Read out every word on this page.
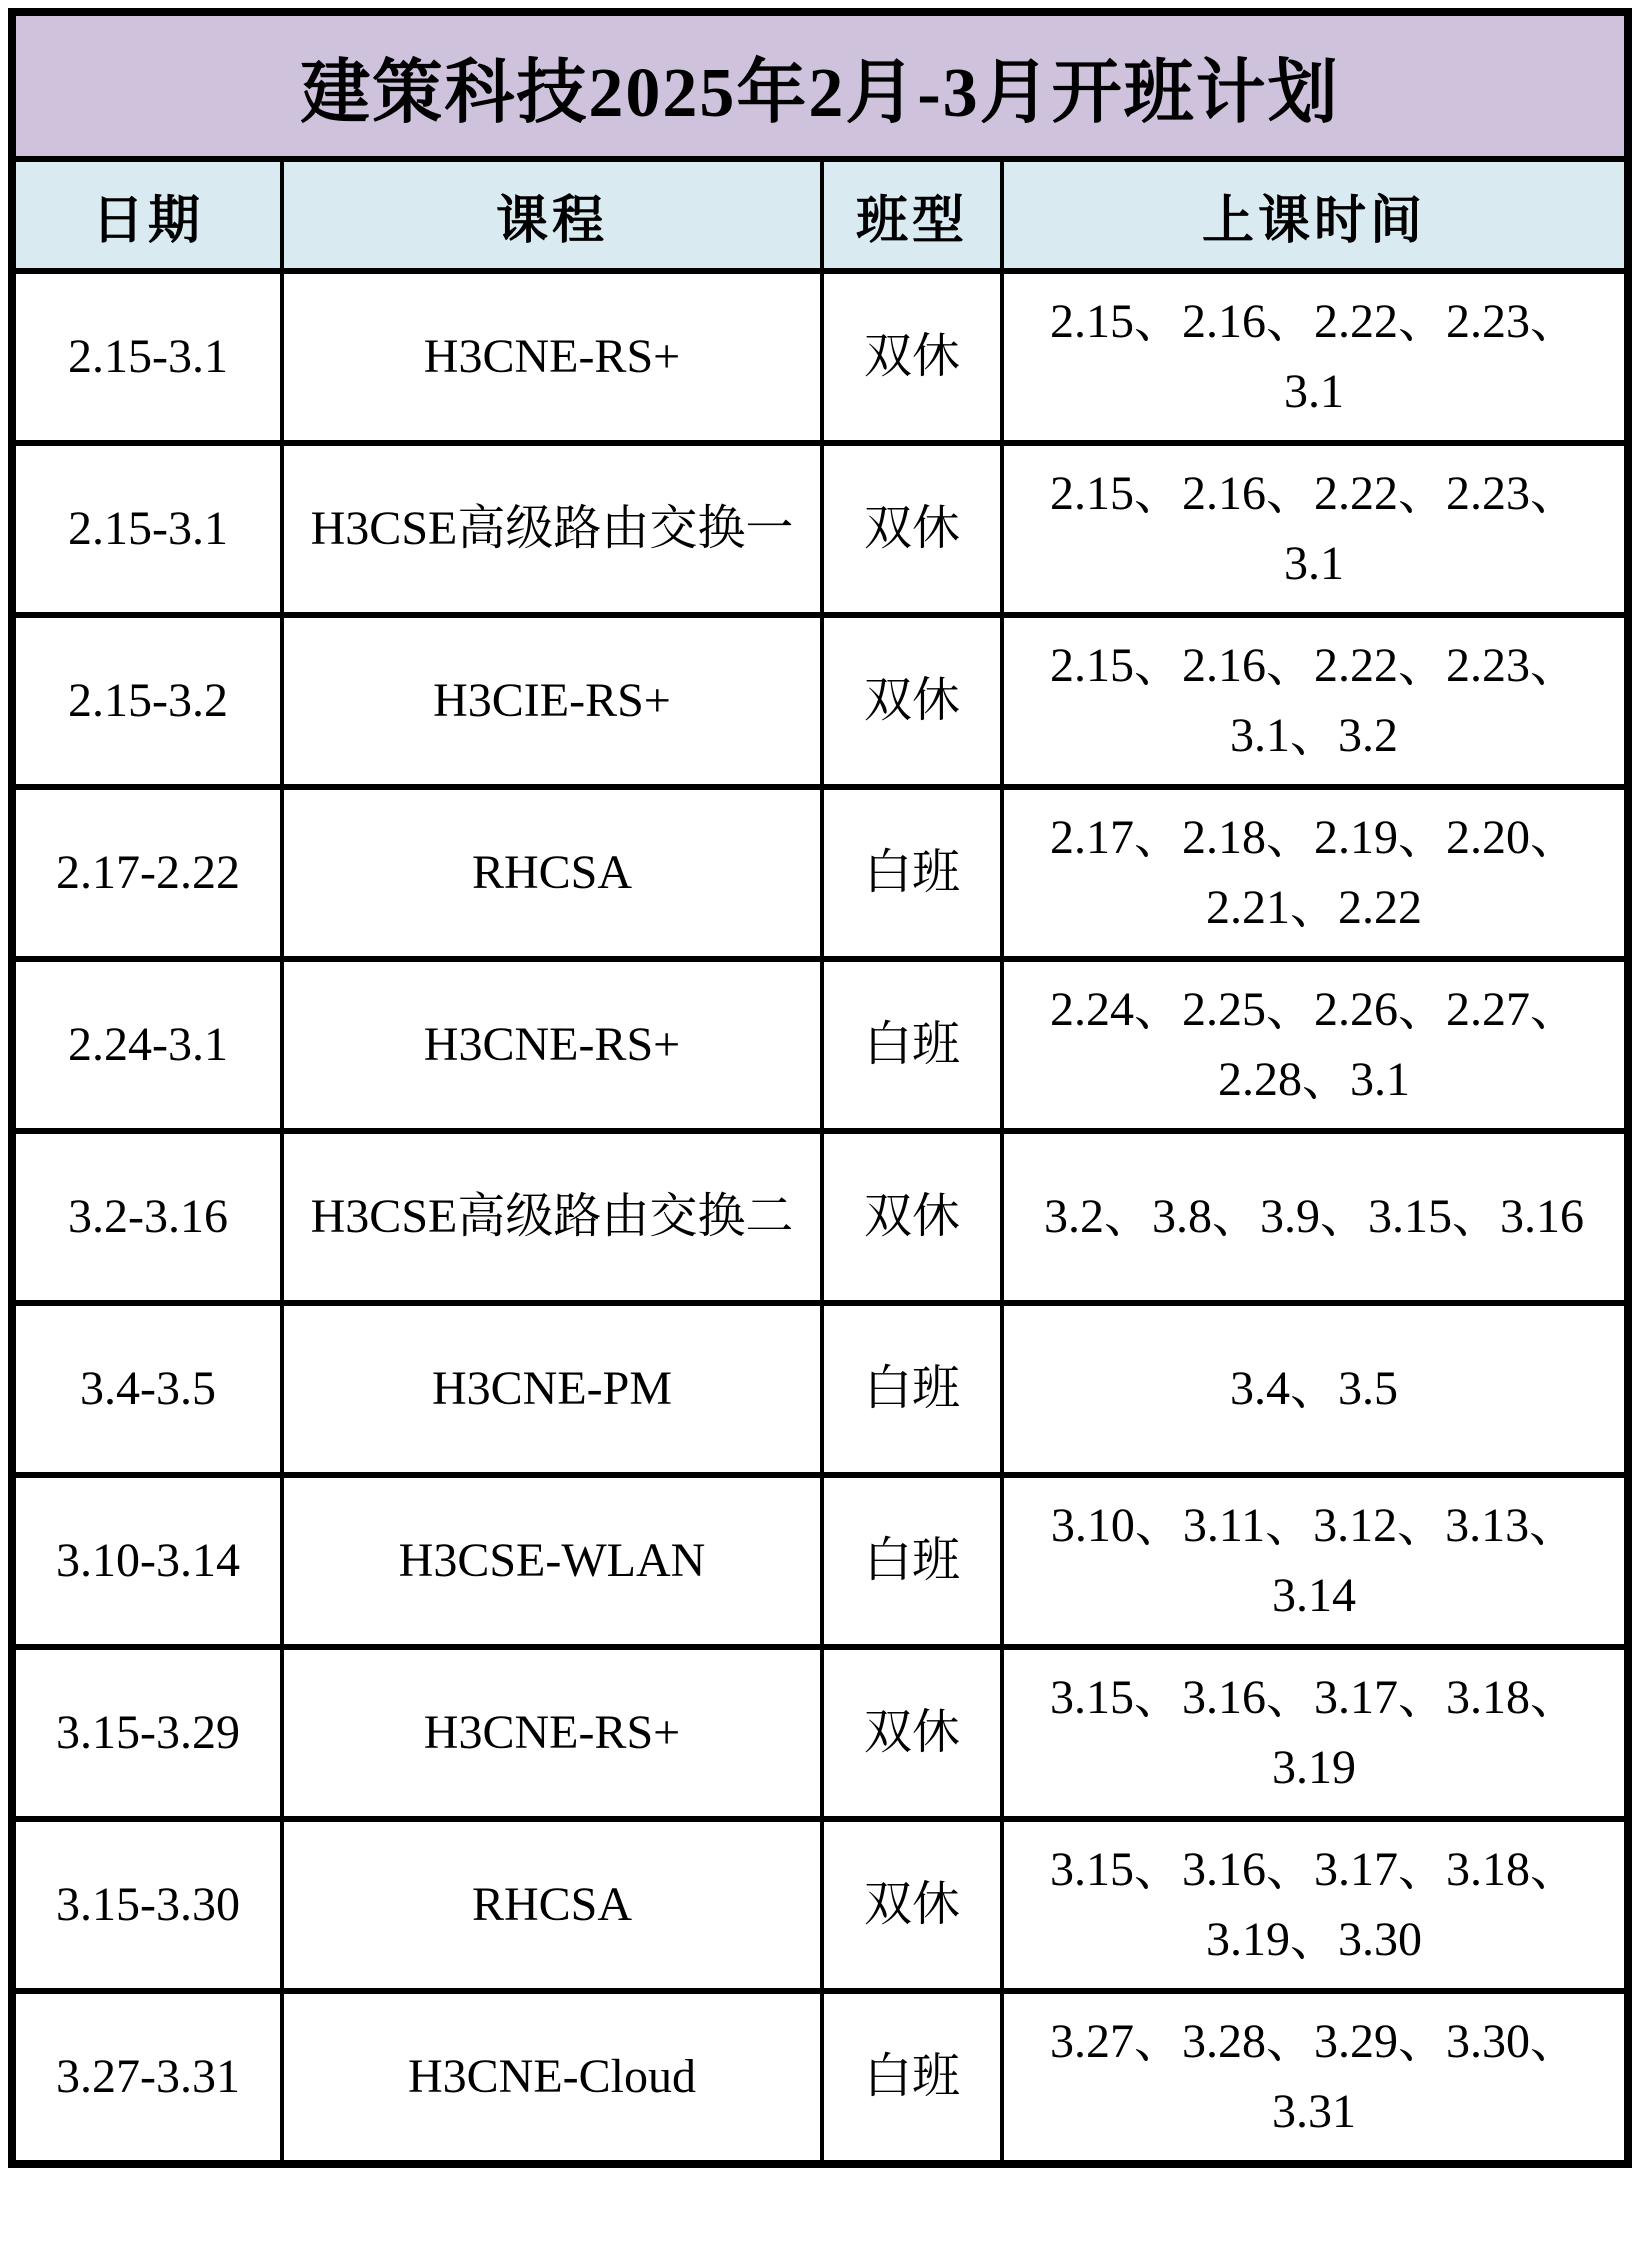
建策科技2025年2月-3月开班计划			
日期	课程	班型	上课时间
2.15-3.1	H3CNE-RS+	双休	2.15、2.16、2.22、2.23、3.1
2.15-3.1	H3CSE高级路由交换一	双休	2.15、2.16、2.22、2.23、3.1
2.15-3.2	H3CIE-RS+	双休	2.15、2.16、2.22、2.23、3.1、3.2
2.17-2.22	RHCSA	白班	2.17、2.18、2.19、2.20、2.21、2.22
2.24-3.1	H3CNE-RS+	白班	2.24、2.25、2.26、2.27、2.28、3.1
3.2-3.16	H3CSE高级路由交换二	双休	3.2、3.8、3.9、3.15、3.16
3.4-3.5	H3CNE-PM	白班	3.4、3.5
3.10-3.14	H3CSE-WLAN	白班	3.10、3.11、3.12、3.13、3.14
3.15-3.29	H3CNE-RS+	双休	3.15、3.16、3.17、3.18、3.19
3.15-3.30	RHCSA	双休	3.15、3.16、3.17、3.18、3.19、3.30
3.27-3.31	H3CNE-Cloud	白班	3.27、3.28、3.29、3.30、3.31
